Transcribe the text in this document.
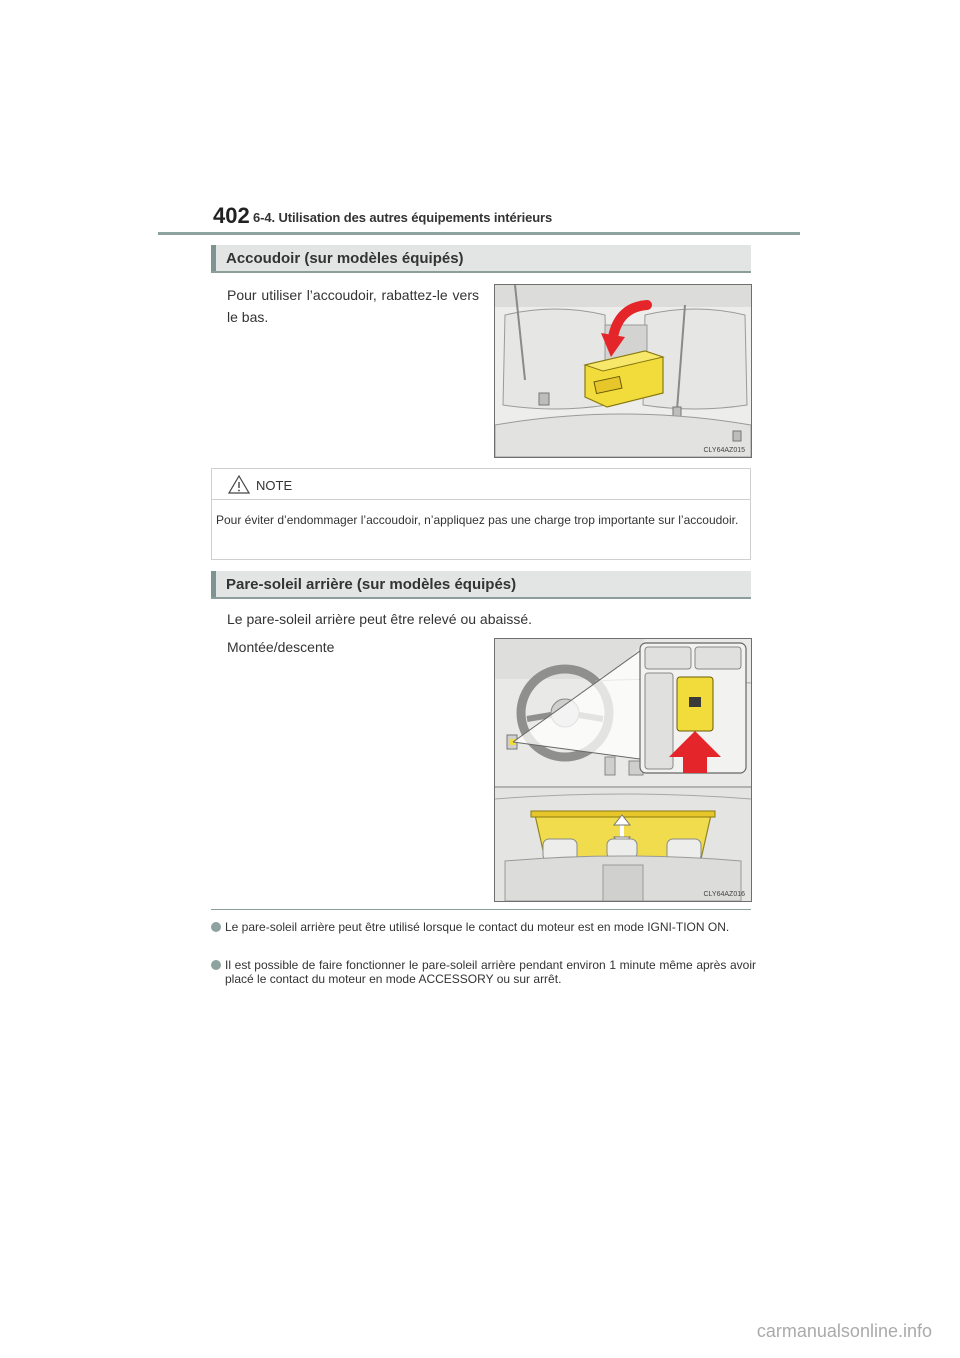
402 6-4. Utilisation des autres équipements intérieurs
Accoudoir (sur modèles équipés)
Pour utiliser l’accoudoir, rabattez-le vers le bas.
CLY64AZ015
NOTE
Pour éviter d’endommager l’accoudoir, n’appliquez pas une charge trop importante sur l’accoudoir.
Pare-soleil arrière (sur modèles équipés)
Le pare-soleil arrière peut être relevé ou abaissé.
Montée/descente
CLY64AZ016
Le pare-soleil arrière peut être utilisé lorsque le contact du moteur est en mode IGNI-TION ON.
Il est possible de faire fonctionner le pare-soleil arrière pendant environ 1 minute même après avoir placé le contact du moteur en mode ACCESSORY ou sur arrêt.
carmanualsonline.info
